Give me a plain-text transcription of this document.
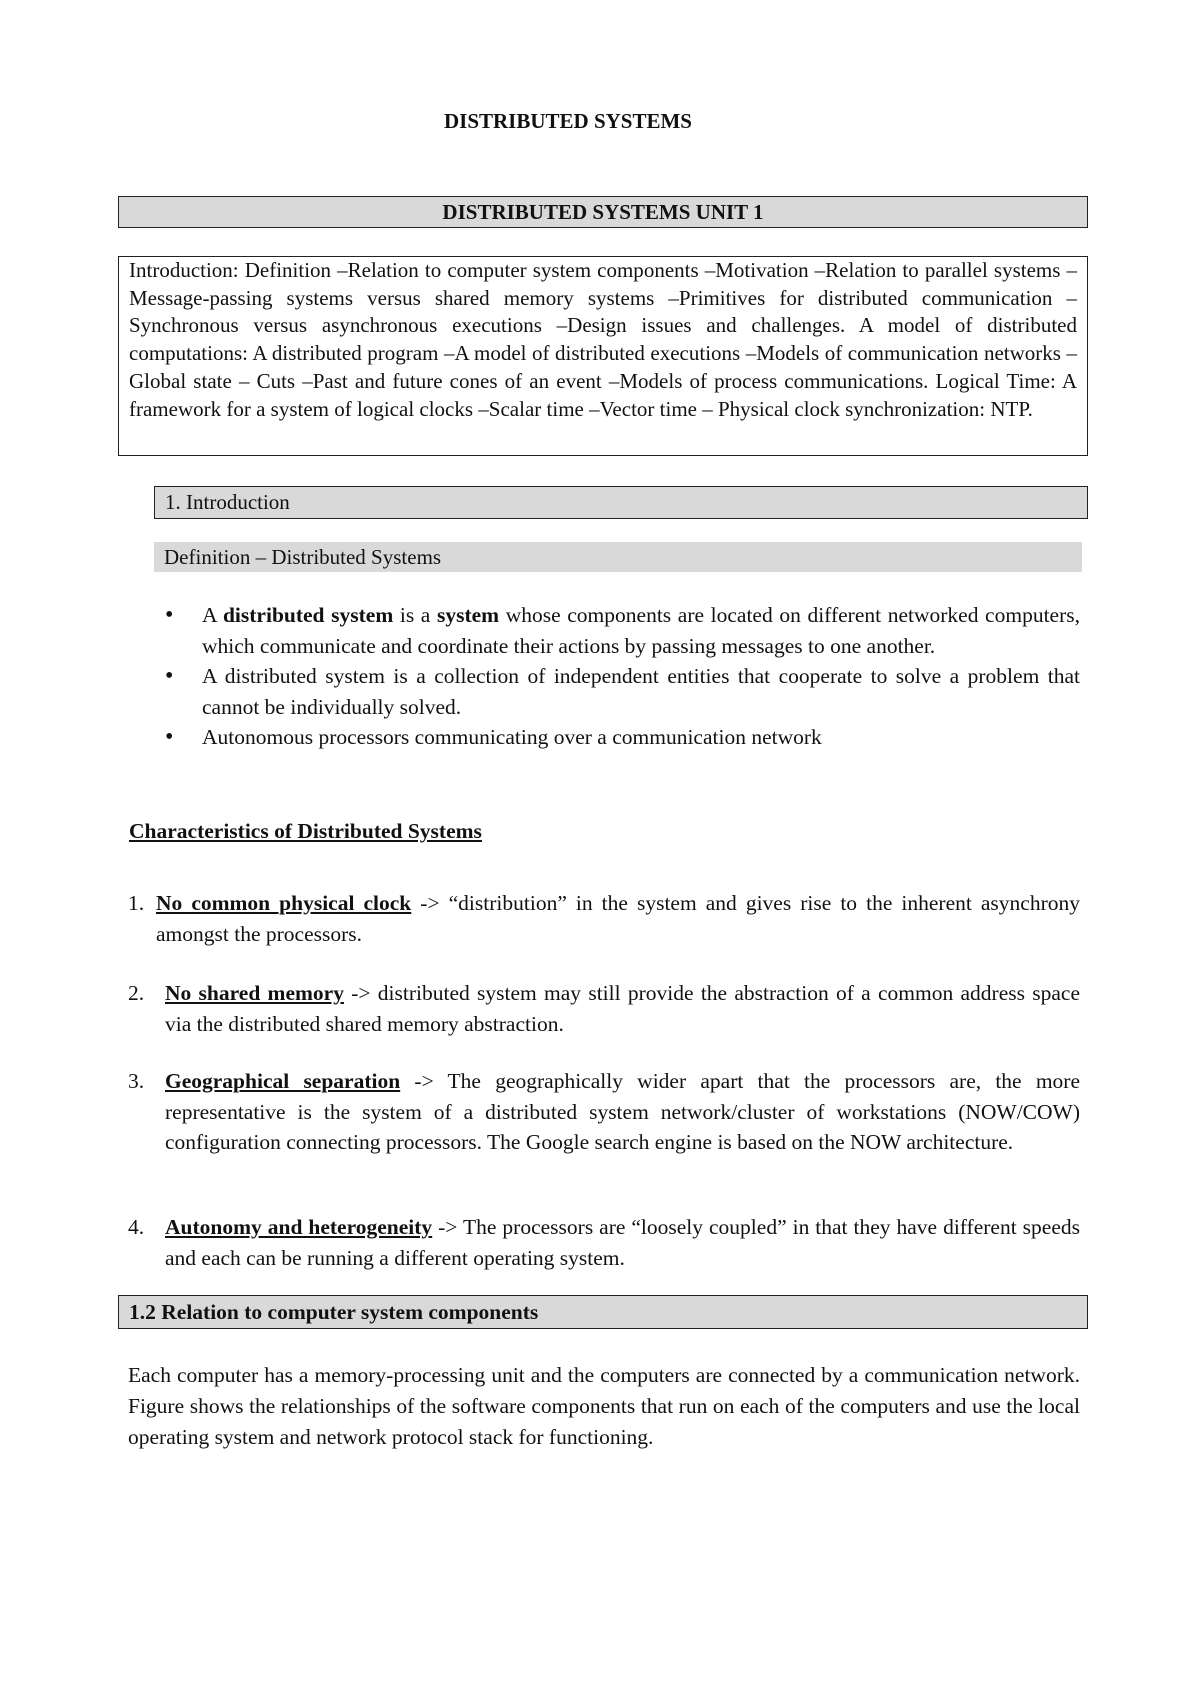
DISTRIBUTED SYSTEMS
DISTRIBUTED SYSTEMS UNIT 1
Introduction: Definition –Relation to computer system components –Motivation –Relation to parallel systems – Message-passing systems versus shared memory systems –Primitives for distributed communication –Synchronous versus asynchronous executions –Design issues and challenges. A model of distributed computations: A distributed program –A model of distributed executions –Models of communication networks –Global state – Cuts –Past and future cones of an event –Models of process communications. Logical Time: A framework for a system of logical clocks –Scalar time –Vector time – Physical clock synchronization: NTP.
1. Introduction
Definition – Distributed Systems
• A distributed system is a system whose components are located on different networked computers, which communicate and coordinate their actions by passing messages to one another.
• A distributed system is a collection of independent entities that cooperate to solve a problem that cannot be individually solved.
• Autonomous processors communicating over a communication network
Characteristics of Distributed Systems
1. No common physical clock -> “distribution” in the system and gives rise to the inherent asynchrony amongst the processors.
2. No shared memory -> distributed system may still provide the abstraction of a common address space via the distributed shared memory abstraction.
3. Geographical separation -> The geographically wider apart that the processors are, the more representative is the system of a distributed system network/cluster of workstations (NOW/COW) configuration connecting processors. The Google search engine is based on the NOW architecture.
4. Autonomy and heterogeneity -> The processors are “loosely coupled” in that they have different speeds and each can be running a different operating system.
1.2 Relation to computer system components
Each computer has a memory-processing unit and the computers are connected by a communication network. Figure shows the relationships of the software components that run on each of the computers and use the local operating system and network protocol stack for functioning.
